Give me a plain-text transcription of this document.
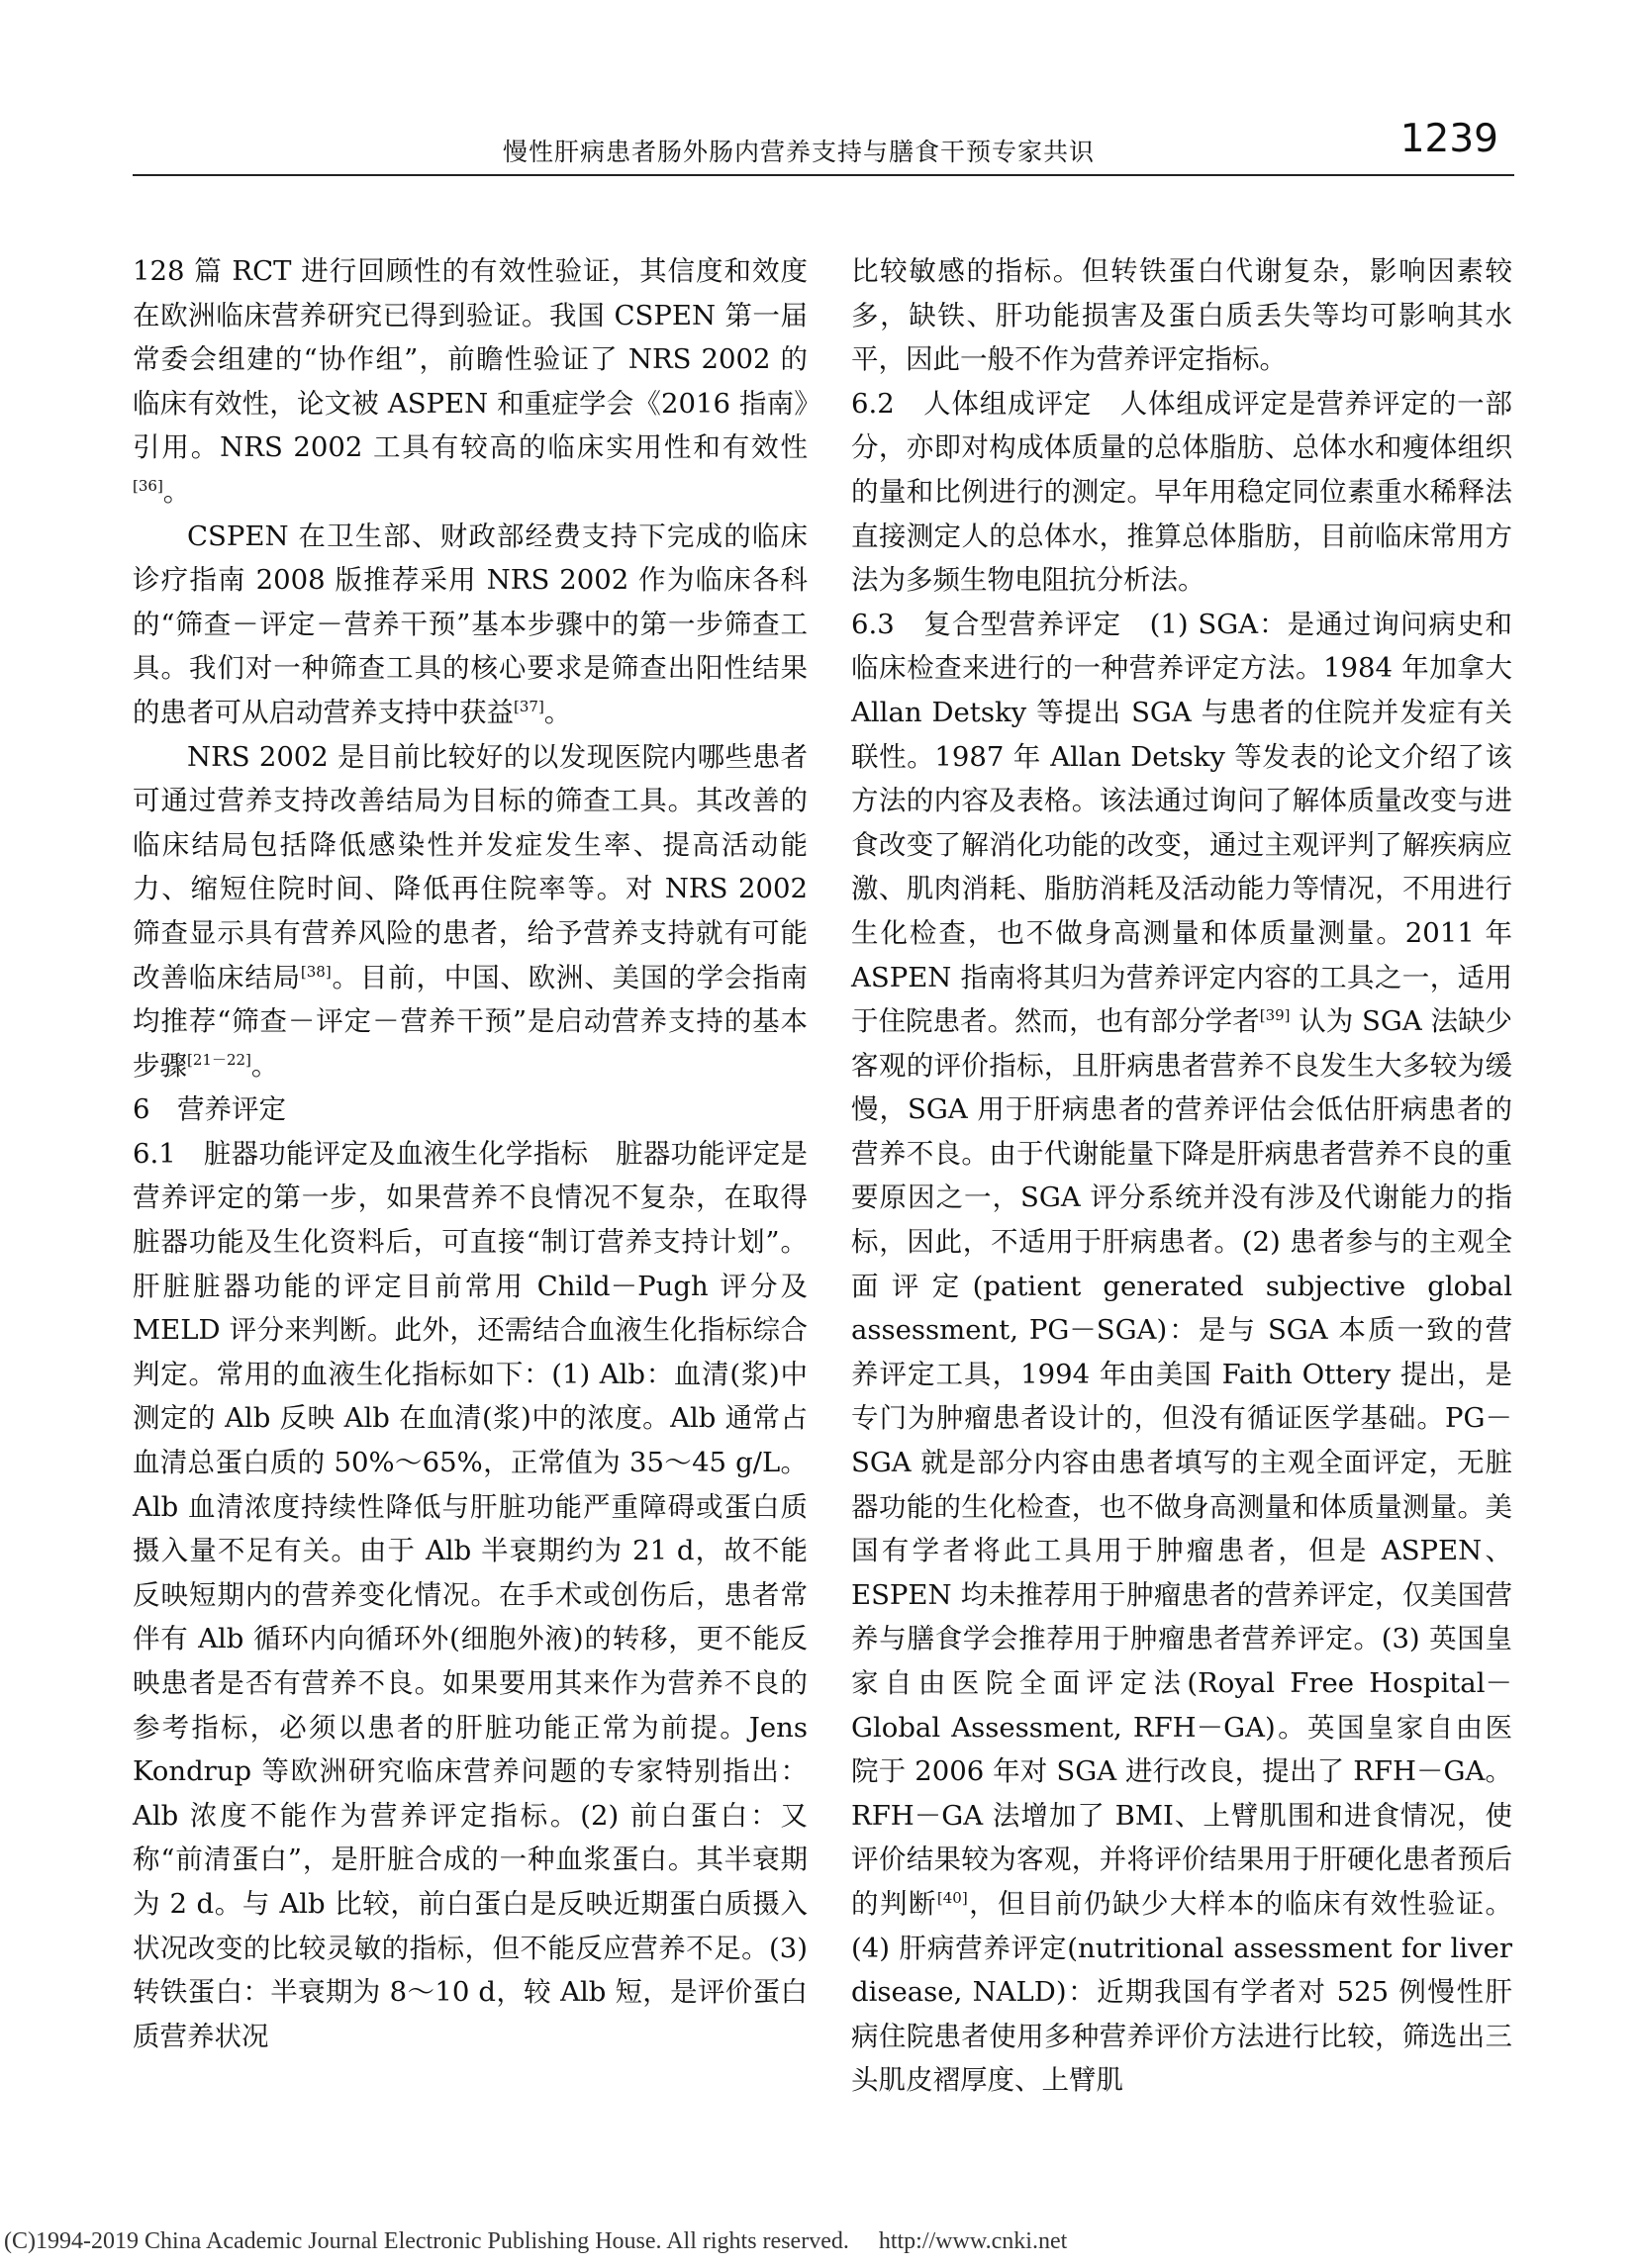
慢性肝病患者肠外肠内营养支持与膳食干预专家共识	1239

128 篇 RCT 进行回顾性的有效性验证，其信度和效度在欧洲临床营养研究已得到验证。我国 CSPEN 第一届常委会组建的“协作组”，前瞻性验证了 NRS 2002 的临床有效性，论文被 ASPEN 和重症学会《2016 指南》引用。NRS 2002 工具有较高的临床实用性和有效性[36]。

CSPEN 在卫生部、财政部经费支持下完成的临床诊疗指南 2008 版推荐采用 NRS 2002 作为临床各科的“筛查－评定－营养干预”基本步骤中的第一步筛查工具。我们对一种筛查工具的核心要求是筛查出阳性结果的患者可从启动营养支持中获益[37]。

NRS 2002 是目前比较好的以发现医院内哪些患者可通过营养支持改善结局为目标的筛查工具。其改善的临床结局包括降低感染性并发症发生率、提高活动能力、缩短住院时间、降低再住院率等。对 NRS 2002 筛查显示具有营养风险的患者，给予营养支持就有可能改善临床结局[38]。目前，中国、欧洲、美国的学会指南均推荐“筛查－评定－营养干预”是启动营养支持的基本步骤[21－22]。

6　营养评定

6.1　脏器功能评定及血液生化学指标　脏器功能评定是营养评定的第一步，如果营养不良情况不复杂，在取得脏器功能及生化资料后，可直接“制订营养支持计划”。肝脏脏器功能的评定目前常用 Child－Pugh 评分及 MELD 评分来判断。此外，还需结合血液生化指标综合判定。常用的血液生化指标如下：(1) Alb：血清(浆)中测定的 Alb 反映 Alb 在血清(浆)中的浓度。Alb 通常占血清总蛋白质的 50%～65%，正常值为 35～45 g/L。Alb 血清浓度持续性降低与肝脏功能严重障碍或蛋白质摄入量不足有关。由于 Alb 半衰期约为 21 d，故不能反映短期内的营养变化情况。在手术或创伤后，患者常伴有 Alb 循环内向循环外(细胞外液)的转移，更不能反映患者是否有营养不良。如果要用其来作为营养不良的参考指标，必须以患者的肝脏功能正常为前提。Jens Kondrup 等欧洲研究临床营养问题的专家特别指出：Alb 浓度不能作为营养评定指标。(2) 前白蛋白：又称“前清蛋白”，是肝脏合成的一种血浆蛋白。其半衰期为 2 d。与 Alb 比较，前白蛋白是反映近期蛋白质摄入状况改变的比较灵敏的指标，但不能反应营养不足。(3) 转铁蛋白：半衰期为 8～10 d，较 Alb 短，是评价蛋白质营养状况

比较敏感的指标。但转铁蛋白代谢复杂，影响因素较多，缺铁、肝功能损害及蛋白质丢失等均可影响其水平，因此一般不作为营养评定指标。

6.2　人体组成评定　人体组成评定是营养评定的一部分，亦即对构成体质量的总体脂肪、总体水和瘦体组织的量和比例进行的测定。早年用稳定同位素重水稀释法直接测定人的总体水，推算总体脂肪，目前临床常用方法为多频生物电阻抗分析法。

6.3　复合型营养评定　(1) SGA：是通过询问病史和临床检查来进行的一种营养评定方法。1984 年加拿大 Allan Detsky 等提出 SGA 与患者的住院并发症有关联性。1987 年 Allan Detsky 等发表的论文介绍了该方法的内容及表格。该法通过询问了解体质量改变与进食改变了解消化功能的改变，通过主观评判了解疾病应激、肌肉消耗、脂肪消耗及活动能力等情况，不用进行生化检查，也不做身高测量和体质量测量。2011 年 ASPEN 指南将其归为营养评定内容的工具之一，适用于住院患者。然而，也有部分学者[39] 认为 SGA 法缺少客观的评价指标，且肝病患者营养不良发生大多较为缓慢，SGA 用于肝病患者的营养评估会低估肝病患者的营养不良。由于代谢能量下降是肝病患者营养不良的重要原因之一，SGA 评分系统并没有涉及代谢能力的指标，因此，不适用于肝病患者。(2) 患者参与的主观全面评定(patient generated subjective global assessment, PG－SGA)：是与 SGA 本质一致的营养评定工具，1994 年由美国 Faith Ottery 提出，是专门为肿瘤患者设计的，但没有循证医学基础。PG－SGA 就是部分内容由患者填写的主观全面评定，无脏器功能的生化检查，也不做身高测量和体质量测量。美国有学者将此工具用于肿瘤患者，但是 ASPEN、ESPEN 均未推荐用于肿瘤患者的营养评定，仅美国营养与膳食学会推荐用于肿瘤患者营养评定。(3) 英国皇家自由医院全面评定法(Royal Free Hospital－Global Assessment, RFH－GA)。英国皇家自由医院于 2006 年对 SGA 进行改良，提出了 RFH－GA。RFH－GA 法增加了 BMI、上臂肌围和进食情况，使评价结果较为客观，并将评价结果用于肝硬化患者预后的判断[40]，但目前仍缺少大样本的临床有效性验证。(4) 肝病营养评定(nutritional assessment for liver disease, NALD)：近期我国有学者对 525 例慢性肝病住院患者使用多种营养评价方法进行比较，筛选出三头肌皮褶厚度、上臂肌

(C)1994-2019 China Academic Journal Electronic Publishing House. All rights reserved. http://www.cnki.net
